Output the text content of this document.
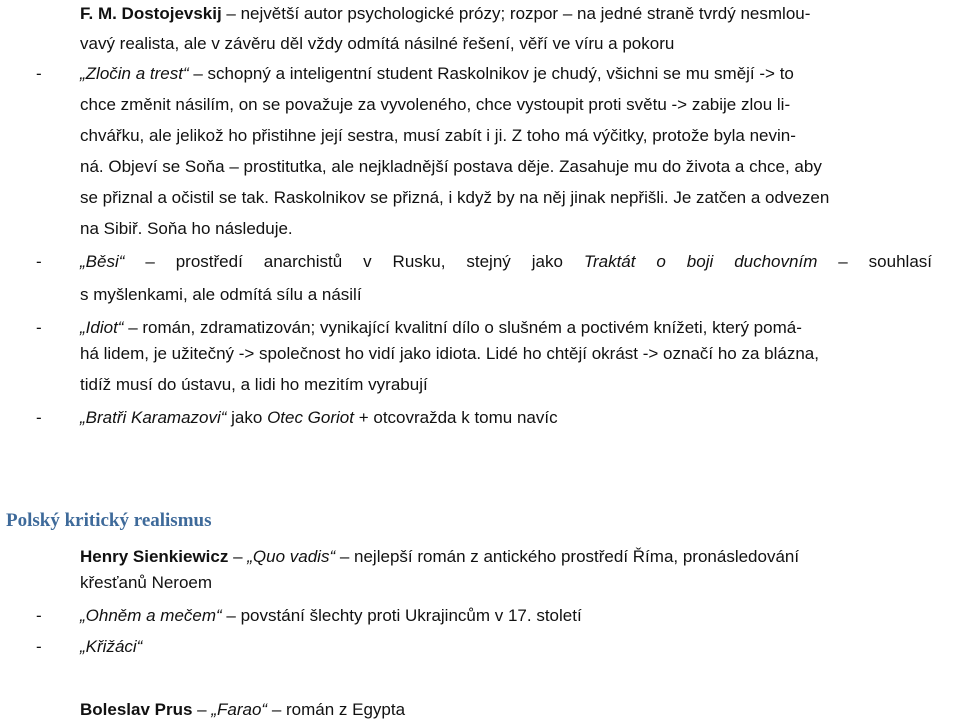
F. M. Dostojevskij – největší autor psychologické prózy; rozpor – na jedné straně tvrdý nesmlou-
vavý realista, ale v závěru děl vždy odmítá násilné řešení, věří ve víru a pokoru
- „Zločin a trest“ – schopný a inteligentní student Raskolnikov je chudý, všichni se mu smějí -> to
chce změnit násilím, on se považuje za vyvoleného, chce vystoupit proti světu -> zabije zlou li-
chvářku, ale jelikož ho přistihne její sestra, musí zabít i ji. Z toho má výčitky, protože byla nevin-
ná. Objeví se Soňa – prostitutka, ale nejkladnější postava děje. Zasahuje mu do života a chce, aby
se přiznal a očistil se tak. Raskolnikov se přizná, i když by na něj jinak nepřišli. Je zatčen a odvezen
na Sibiř. Soňa ho následuje.
- „Běsi“ – prostředí anarchistů v Rusku, stejný jako Traktát o boji duchovním – souhlasí
s myšlenkami, ale odmítá sílu a násilí
- „Idiot“ – román, zdramatizován; vynikající kvalitní dílo o slušném a poctivém knížeti, který pomá-
há lidem, je užitečný -> společnost ho vidí jako idiota. Lidé ho chtějí okrást -> označí ho za blázna,
tidíž musí do ústavu, a lidi ho mezitím vyrabují
- „Bratři Karamazovi“ jako Otec Goriot + otcovražda k tomu navíc
Polský kritický realismus
Henry Sienkiewicz – „Quo vadis“ – nejlepší román z antického prostředí Říma, pronásledování
křesťanů Neroem
- „Ohněm a mečem“ – povstání šlechty proti Ukrajincům v 17. století
- „Křižáci“
Boleslav Prus – „Farao“ – román z Egypta
